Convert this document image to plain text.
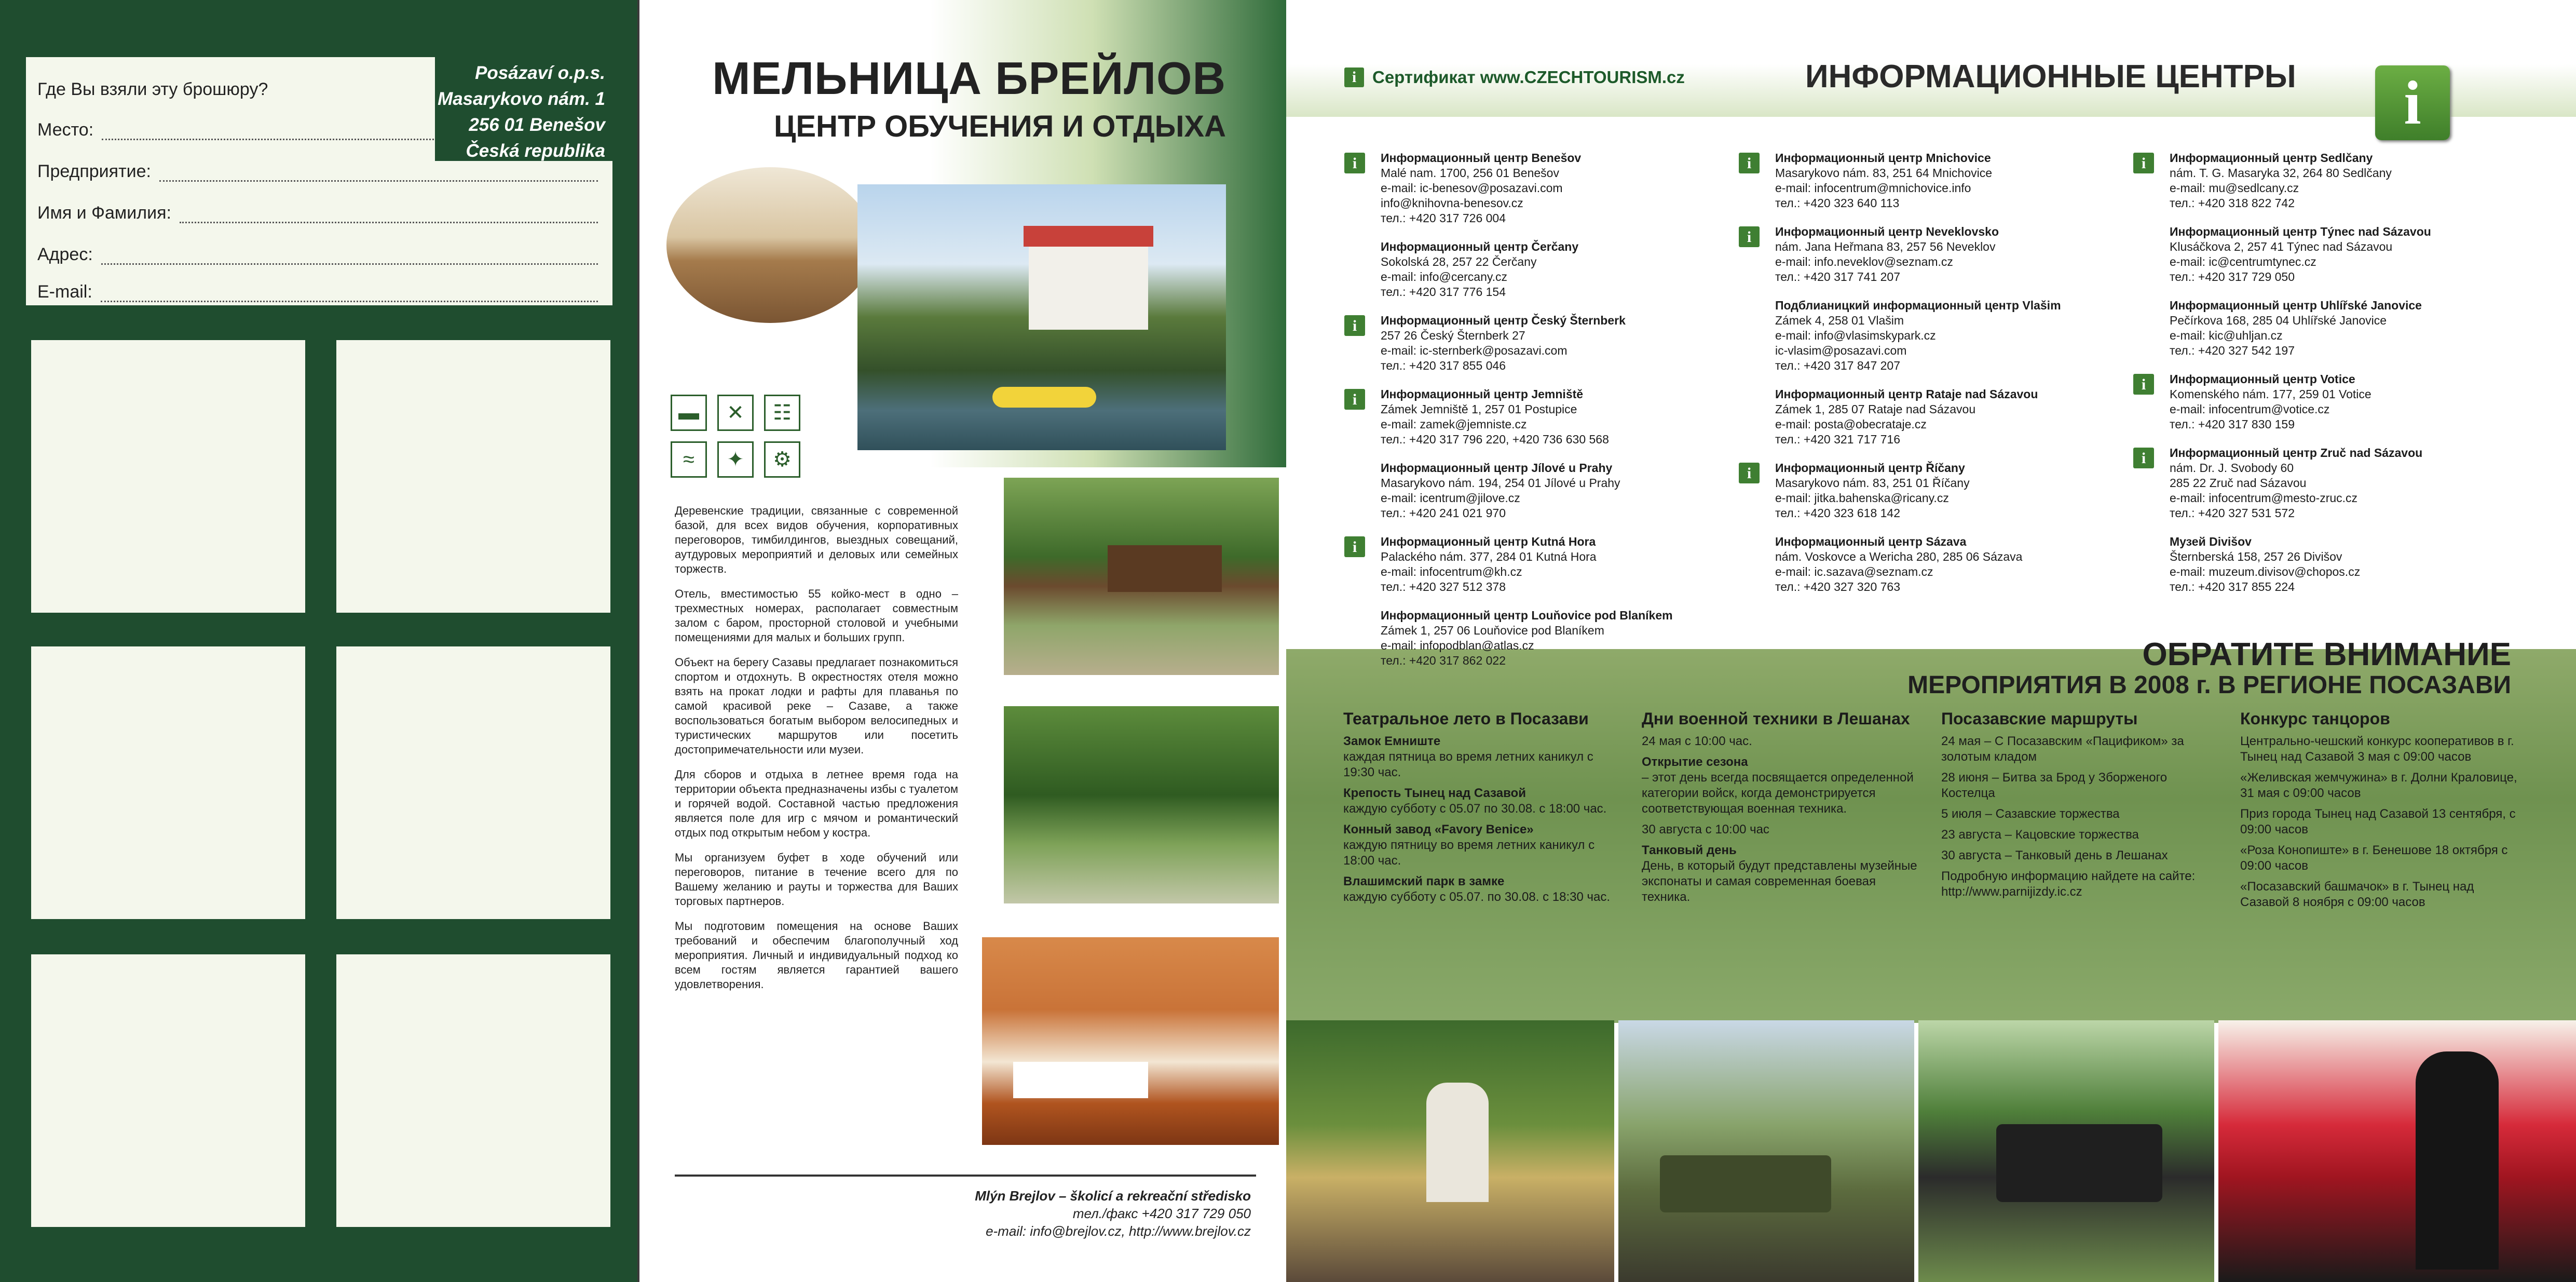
Где Вы взяли эту брошюру?
Место:
Предприятие:
Имя и Фамилия:
Адрес:
E-mail:
Posázaví o.p.s.
Masarykovo nám. 1
256 01 Benešov
Česká republika
МЕЛЬНИЦА БРЕЙЛОВ
ЦЕНТР ОБУЧЕНИЯ И ОТДЫХА
▬	✕	☷
≈	✦	⚙

Деревенские традиции, связанные с современной базой, для всех видов обучения, корпоративных переговоров, тимбилдингов, выездных совещаний, аутдуровых мероприятий и деловых или семейных торжеств.

Отель, вместимостью 55 койко-мест в одно – трехместных номерах, располагает совместным залом с баром, просторной столовой и учебными помещениями для малых и больших групп.

Объект на берегу Сазавы предлагает познакомиться спортом и отдохнуть. В окрестностях отеля можно взять на прокат лодки и рафты для плаванья по самой красивой реке – Сазаве, а также воспользоваться богатым выбором велосипедных и туристических маршрутов или посетить достопримечательности или музеи.

Для сборов и отдыха в летнее время года на территории объекта предназначены избы с туалетом и горячей водой. Составной частью предложения является поле для игр с мячом и романтический отдых под открытым небом у костра.

Мы организуем буфет в ходе обучений или переговоров, питание в течение всего для по Вашему желанию и рауты и торжества для Ваших торговых партнеров.

Мы подготовим помещения на основе Ваших требований и обеспечим благополучный ход мероприятия. Личный и индивидуальный подход ко всем гостям является гарантией вашего удовлетворения.

Mlýn Brejlov – školicí a rekreační středisko
тел./факс +420 317 729 050
e-mail: info@brejlov.cz, http://www.brejlov.cz
i Сертификат www.CZECHTOURISM.cz	ИНФОРМАЦИОННЫЕ ЦЕНТРЫ	i
i	Информационный центр Benešov
Malé nam. 1700, 256 01 Benešov
e-mail: ic-benesov@posazavi.com
info@knihovna-benesov.cz
тел.: +420 317 726 004
Информационный центр Čerčany
Sokolská 28, 257 22 Čerčany
e-mail: info@cercany.cz
тел.: +420 317 776 154
i	Информационный центр Český Šternberk
257 26 Český Šternberk 27
e-mail: ic-sternberk@posazavi.com
тел.: +420 317 855 046
i	Информационный центр Jemniště
Zámek Jemniště 1, 257 01 Postupice
e-mail: zamek@jemniste.cz
тел.: +420 317 796 220, +420 736 630 568
Информационный центр Jílové u Prahy
Masarykovo nám. 194, 254 01 Jílové u Prahy
e-mail: icentrum@jilove.cz
тел.: +420 241 021 970
i	Информационный центр Kutná Hora
Palackého nám. 377, 284 01 Kutná Hora
e-mail: infocentrum@kh.cz
тел.: +420 327 512 378
Информационный центр Louňovice pod Blaníkem
Zámek 1, 257 06 Louňovice pod Blaníkem
e-mail: infopodblan@atlas.cz
тел.: +420 317 862 022
i	Информационный центр Mnichovice
Masarykovo nám. 83, 251 64 Mnichovice
e-mail: infocentrum@mnichovice.info
тел.: +420 323 640 113
i	Информационный центр Neveklovsko
nám. Jana Heřmana 83, 257 56 Neveklov
e-mail: info.neveklov@seznam.cz
тел.: +420 317 741 207
Подблианицкий информационный центр Vlašim
Zámek 4, 258 01 Vlašim
e-mail: info@vlasimskypark.cz
ic-vlasim@posazavi.com
тел.: +420 317 847 207
Информационный центр Rataje nad Sázavou
Zámek 1, 285 07 Rataje nad Sázavou
e-mail: posta@obecrataje.cz
тел.: +420 321 717 716
i	Информационный центр Říčany
Masarykovo nám. 83, 251 01 Říčany
e-mail: jitka.bahenska@ricany.cz
тел.: +420 323 618 142
Информационный центр Sázava
nám. Voskovce a Wericha 280, 285 06 Sázava
e-mail: ic.sazava@seznam.cz
тел.: +420 327 320 763
i	Информационный центр Sedlčany
nám. T. G. Masaryka 32, 264 80 Sedlčany
e-mail: mu@sedlcany.cz
тел.: +420 318 822 742
Информационный центр Týnec nad Sázavou
Klusáčkova 2, 257 41 Týnec nad Sázavou
e-mail: ic@centrumtynec.cz
тел.: +420 317 729 050
Информационный центр Uhlířské Janovice
Pečírkova 168, 285 04 Uhlířské Janovice
e-mail: kic@uhljan.cz
тел.: +420 327 542 197
i	Информационный центр Votice
Komenského nám. 177, 259 01 Votice
e-mail: infocentrum@votice.cz
тел.: +420 317 830 159
i	Информационный центр Zruč nad Sázavou
nám. Dr. J. Svobody 60
285 22 Zruč nad Sázavou
e-mail: infocentrum@mesto-zruc.cz
тел.: +420 327 531 572
Музей Divišov
Šternberská 158, 257 26 Divišov
e-mail: muzeum.divisov@chopos.cz
тел.: +420 317 855 224
ОБРАТИТЕ ВНИМАНИЕ
МЕРОПРИЯТИЯ В 2008 г. В РЕГИОНЕ ПОСАЗАВИ
Театральное лето в Посазави
Замок Емниште
каждая пятница во время летних каникул с 19:30 час.
Крепость Тынец над Сазавой
каждую субботу с 05.07 по 30.08. с 18:00 час.
Конный завод «Favory Benice»
каждую пятницу во время летних каникул с 18:00 час.
Влашимский парк в замке
каждую субботу с 05.07. по 30.08. с 18:30 час.
Дни военной техники в Лешанах
24 мая с 10:00 час.
Открытие сезона
– этот день всегда посвящается определенной категории войск, когда демонстрируется соответствующая военная техника.
30 августа с 10:00 час
Танковый день
День, в который будут представлены музейные экспонаты и самая современная боевая техника.
Посазавские маршруты
24 мая – С Посазавским «Пацификом» за золотым кладом
28 июня – Битва за Брод у Зборженого Костелца
5 июля – Сазавские торжества
23 августа – Кацовские торжества
30 августа – Танковый день в Лешанах
Подробную информацию найдете на сайте: http://www.parnijizdy.ic.cz
Конкурс танцоров
Центрально-чешский конкурс кооперативов в г. Тынец над Сазавой 3 мая с 09:00 часов
«Желивская жемчужина» в г. Долни Краловице, 31 мая с 09:00 часов
Приз города Тынец над Сазавой 13 сентября, с 09:00 часов
«Роза Конопиште» в г. Бенешове 18 октября с 09:00 часов
«Посазавский башмачок» в г. Тынец над Сазавой 8 ноября с 09:00 часов
